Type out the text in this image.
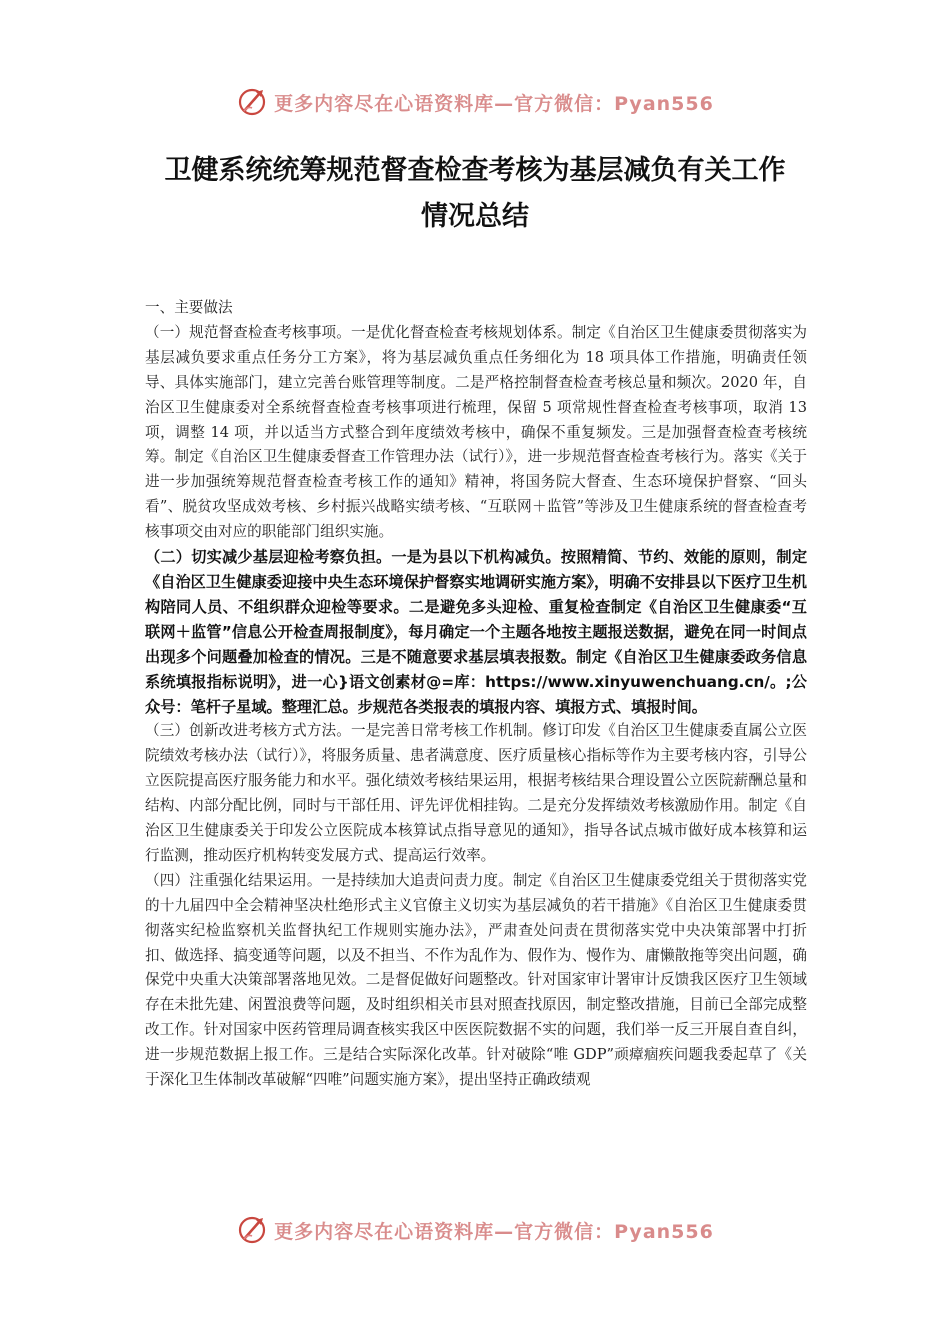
更多内容尽在心语资料库—官方微信：Pyan556
卫健系统统筹规范督查检查考核为基层减负有关工作
情况总结

一、主要做法

（一）规范督查检查考核事项。一是优化督查检查考核规划体系。制定《自治区卫生健康委贯彻落实为基层减负要求重点任务分工方案》，将为基层减负重点任务细化为 18 项具体工作措施，明确责任领导、具体实施部门，建立完善台账管理等制度。二是严格控制督查检查考核总量和频次。2020 年，自治区卫生健康委对全系统督查检查考核事项进行梳理，保留 5 项常规性督查检查考核事项，取消 13 项，调整 14 项，并以适当方式整合到年度绩效考核中，确保不重复频发。三是加强督查检查考核统筹。制定《自治区卫生健康委督查工作管理办法（试行）》，进一步规范督查检查考核行为。落实《关于进一步加强统筹规范督查检查考核工作的通知》精神，将国务院大督查、生态环境保护督察、“回头看”、脱贫攻坚成效考核、乡村振兴战略实绩考核、“互联网＋监管”等涉及卫生健康系统的督查检查考核事项交由对应的职能部门组织实施。

（二）切实减少基层迎检考察负担。一是为县以下机构减负。按照精简、节约、效能的原则，制定《自治区卫生健康委迎接中央生态环境保护督察实地调研实施方案》，明确不安排县以下医疗卫生机构陪同人员、不组织群众迎检等要求。二是避免多头迎检、重复检查制定《自治区卫生健康委“互联网＋监管”信息公开检查周报制度》，每月确定一个主题各地按主题报送数据，避免在同一时间点出现多个问题叠加检查的情况。三是不随意要求基层填表报数。制定《自治区卫生健康委政务信息系统填报指标说明》，进一心}语文创素材@=库：https://www.xinyuwenchuang.cn/。;公众号：笔杆子星域。整理汇总。步规范各类报表的填报内容、填报方式、填报时间。

（三）创新改进考核方式方法。一是完善日常考核工作机制。修订印发《自治区卫生健康委直属公立医院绩效考核办法（试行）》，将服务质量、患者满意度、医疗质量核心指标等作为主要考核内容，引导公立医院提高医疗服务能力和水平。强化绩效考核结果运用，根据考核结果合理设置公立医院薪酬总量和结构、内部分配比例，同时与干部任用、评先评优相挂钩。二是充分发挥绩效考核激励作用。制定《自治区卫生健康委关于印发公立医院成本核算试点指导意见的通知》，指导各试点城市做好成本核算和运行监测，推动医疗机构转变发展方式、提高运行效率。

（四）注重强化结果运用。一是持续加大追责问责力度。制定《自治区卫生健康委党组关于贯彻落实党的十九届四中全会精神坚决杜绝形式主义官僚主义切实为基层减负的若干措施》《自治区卫生健康委贯彻落实纪检监察机关监督执纪工作规则实施办法》，严肃查处问责在贯彻落实党中央决策部署中打折扣、做选择、搞变通等问题，以及不担当、不作为乱作为、假作为、慢作为、庸懒散拖等突出问题，确保党中央重大决策部署落地见效。二是督促做好问题整改。针对国家审计署审计反馈我区医疗卫生领域存在未批先建、闲置浪费等问题，及时组织相关市县对照查找原因，制定整改措施，目前已全部完成整改工作。针对国家中医药管理局调查核实我区中医医院数据不实的问题，我们举一反三开展自查自纠，进一步规范数据上报工作。三是结合实际深化改革。针对破除“唯 GDP”顽瘴痼疾问题我委起草了《关于深化卫生体制改革破解“四唯”问题实施方案》，提出坚持正确政绩观

更多内容尽在心语资料库—官方微信：Pyan556
